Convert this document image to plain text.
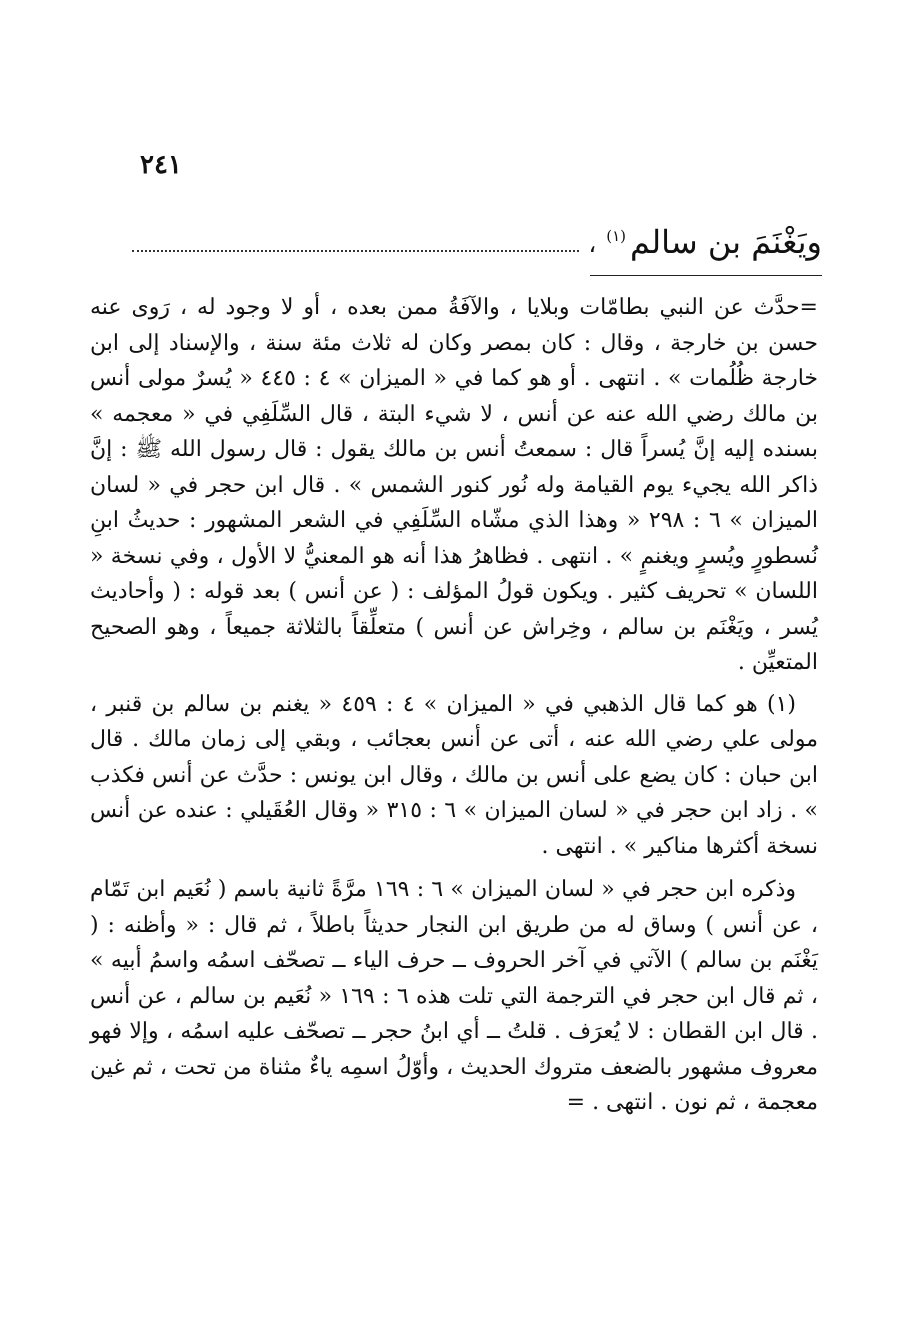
٢٤١
ويَغْنَمَ بن سالم$^{(١)}$
،

=حدَّث عن النبي بطامّات وبلايا ، والآفَةُ ممن بعده ، أو لا وجود له ، رَوى عنه حسن بن خارجة ، وقال : كان بمصر وكان له ثلاث مئة سنة ، والإسناد إلى ابن خارجة ظُلُمات » . انتهى . أو هو كما في « الميزان » ٤ : ٤٤٥ « يُسرٌ مولى أنس بن مالك رضي الله عنه عن أنس ، لا شيء البتة ، قال السِّلَفِي في « معجمه » بسنده إليه إنَّ يُسراً قال : سمعتُ أنس بن مالك يقول : قال رسول الله ﷺ : إنَّ ذاكر الله يجيء يوم القيامة وله نُور كنور الشمس » . قال ابن حجر في « لسان الميزان » ٦ : ٢٩٨ « وهذا الذي مشّاه السِّلَفِي في الشعر المشهور : حديثُ ابنِ نُسطورٍ ويُسرٍ ويغنمٍ » . انتهى . فظاهرُ هذا أنه هو المعنيُّ لا الأول ، وفي نسخة « اللسان » تحريف كثير . ويكون قولُ المؤلف : ( عن أنس ) بعد قوله : ( وأحاديث يُسر ، ويَغْنَم بن سالم ، وخِراش عن أنس ) متعلِّقاً بالثلاثة جميعاً ، وهو الصحيح المتعيِّن .

(١) هو كما قال الذهبي في « الميزان » ٤ : ٤٥٩ « يغنم بن سالم بن قنبر ، مولى علي رضي الله عنه ، أتى عن أنس بعجائب ، وبقي إلى زمان مالك . قال ابن حبان : كان يضع على أنس بن مالك ، وقال ابن يونس : حدَّث عن أنس فكذب » . زاد ابن حجر في « لسان الميزان » ٦ : ٣١٥ « وقال العُقَيلي : عنده عن أنس نسخة أكثرها مناكير » . انتهى .

وذكره ابن حجر في « لسان الميزان » ٦ : ١٦٩ مرَّةً ثانية باسم ( نُعَيم ابن تَمّام ، عن أنس ) وساق له من طريق ابن النجار حديثاً باطلاً ، ثم قال : « وأظنه : ( يَغْنَم بن سالم ) الآتي في آخر الحروف ــ حرف الياء ــ تصحّف اسمُه واسمُ أبيه » ، ثم قال ابن حجر في الترجمة التي تلت هذه ٦ : ١٦٩ « نُعَيم بن سالم ، عن أنس . قال ابن القطان : لا يُعرَف . قلتُ ــ أي ابنُ حجر ــ تصحّف عليه اسمُه ، وإلا فهو معروف مشهور بالضعف متروك الحديث ، وأوّلُ اسمِه ياءٌ مثناة من تحت ، ثم غين معجمة ، ثم نون . انتهى . =
